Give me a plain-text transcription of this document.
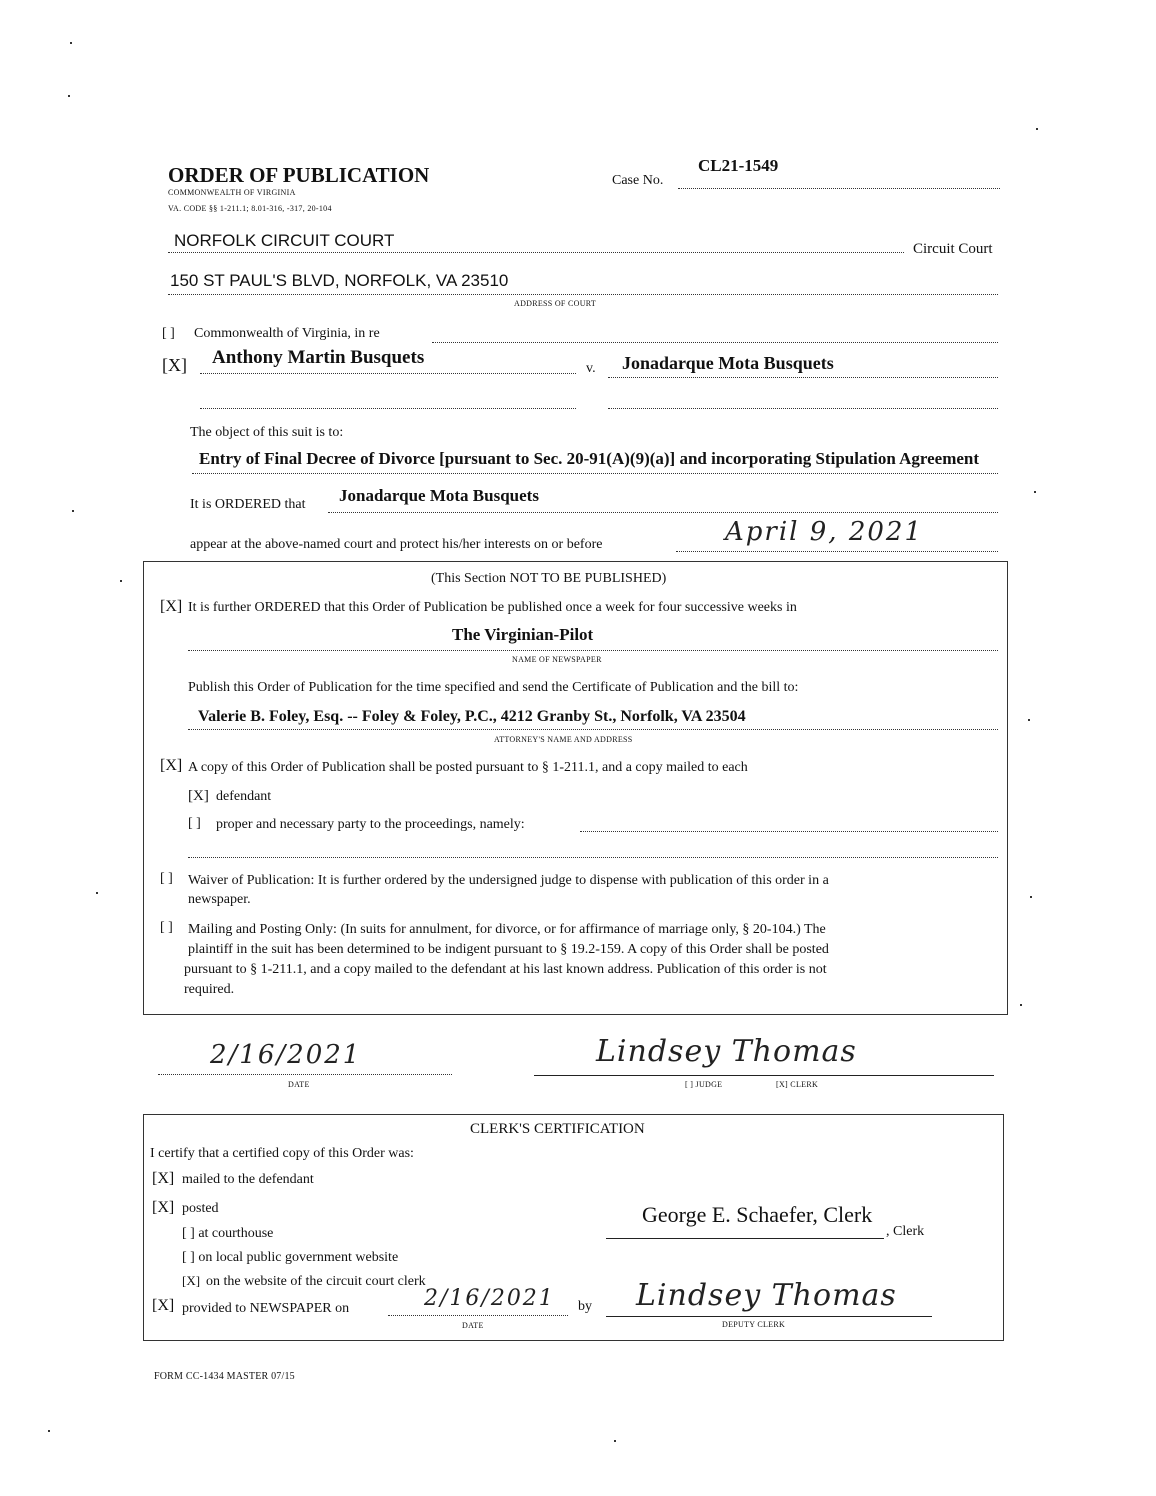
ORDER OF PUBLICATION
COMMONWEALTH OF VIRGINIA
VA. CODE §§ 1-211.1; 8.01-316, -317, 20-104
Case No.
CL21-1549
NORFOLK CIRCUIT COURT	Circuit Court
150 ST PAUL'S BLVD, NORFOLK, VA 23510
ADDRESS OF COURT
[ ] Commonwealth of Virginia, in re
[X] Anthony Martin Busquets
v. Jonadarque Mota Busquets
The object of this suit is to:
Entry of Final Decree of Divorce [pursuant to Sec. 20-91(A)(9)(a)] and incorporating Stipulation Agreement
It is ORDERED that Jonadarque Mota Busquets
appear at the above-named court and protect his/her interests on or before	April 9, 2021
(This Section NOT TO BE PUBLISHED)
[X] It is further ORDERED that this Order of Publication be published once a week for four successive weeks in
The Virginian-Pilot
NAME OF NEWSPAPER
Publish this Order of Publication for the time specified and send the Certificate of Publication and the bill to:
Valerie B. Foley, Esq. -- Foley & Foley, P.C., 4212 Granby St., Norfolk, VA 23504
ATTORNEY'S NAME AND ADDRESS
[X] A copy of this Order of Publication shall be posted pursuant to § 1-211.1, and a copy mailed to each
[X] defendant
[ ] proper and necessary party to the proceedings, namely:
[ ] Waiver of Publication: It is further ordered by the undersigned judge to dispense with publication of this order in a
newspaper.
[ ] Mailing and Posting Only: (In suits for annulment, for divorce, or for affirmance of marriage only, § 20-104.) The
plaintiff in the suit has been determined to be indigent pursuant to § 19.2-159. A copy of this Order shall be posted
pursuant to § 1-211.1, and a copy mailed to the defendant at his last known address. Publication of this order is not
required.
2/16/2021
DATE
Lindsey Thomas
[ ] JUDGE	[X] CLERK
CLERK'S CERTIFICATION
I certify that a certified copy of this Order was:
[X] mailed to the defendant
[X] posted
[ ] at courthouse
[ ] on local public government website
[X] on the website of the circuit court clerk
[X] provided to NEWSPAPER on	2/16/2021
DATE
by
George E. Schaefer, Clerk
, Clerk
Lindsey Thomas
DEPUTY CLERK
FORM CC-1434 MASTER 07/15
